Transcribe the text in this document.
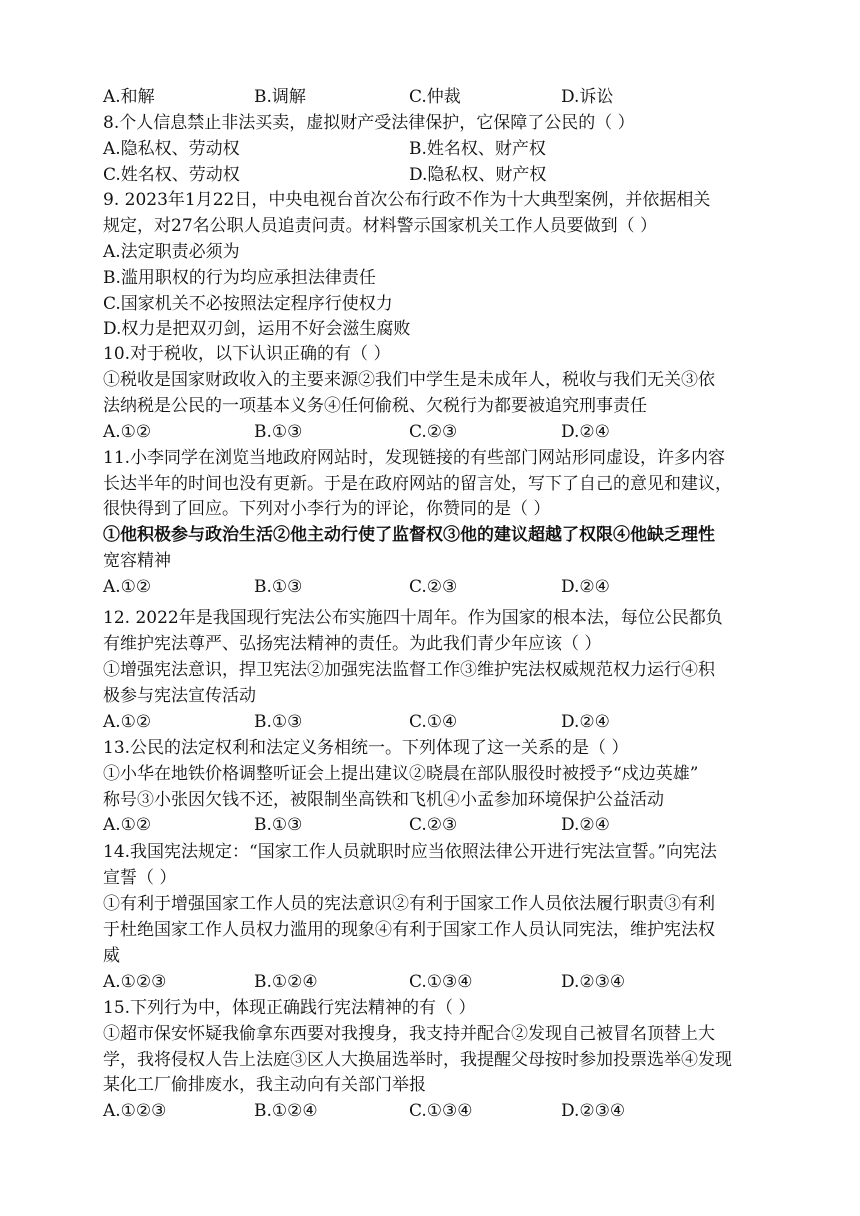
A.和解	B.调解	C.仲裁	D.诉讼
8.个人信息禁止非法买卖，虚拟财产受法律保护，它保障了公民的（ ）
A.隐私权、劳动权	B.姓名权、财产权
C.姓名权、劳动权	D.隐私权、财产权
9. 2023年1月22日，中央电视台首次公布行政不作为十大典型案例，并依据相关
规定，对27名公职人员追责问责。材料警示国家机关工作人员要做到（ ）
A.法定职责必须为
B.滥用职权的行为均应承担法律责任
C.国家机关不必按照法定程序行使权力
D.权力是把双刃剑，运用不好会滋生腐败
10.对于税收，以下认识正确的有（ ）
①税收是国家财政收入的主要来源②我们中学生是未成年人，税收与我们无关③依
法纳税是公民的一项基本义务④任何偷税、欠税行为都要被追究刑事责任
A.①②	B.①③	C.②③	D.②④
11.小李同学在浏览当地政府网站时，发现链接的有些部门网站形同虚设，许多内容
长达半年的时间也没有更新。于是在政府网站的留言处，写下了自己的意见和建议，
很快得到了回应。下列对小李行为的评论，你赞同的是（ ）
①他积极参与政治生活②他主动行使了监督权③他的建议超越了权限④他缺乏理性
宽容精神
A.①②	B.①③	C.②③	D.②④
12. 2022年是我国现行宪法公布实施四十周年。作为国家的根本法，每位公民都负
有维护宪法尊严、弘扬宪法精神的责任。为此我们青少年应该（ ）
①增强宪法意识，捍卫宪法②加强宪法监督工作③维护宪法权威规范权力运行④积
极参与宪法宣传活动
A.①②	B.①③	C.①④	D.②④
13.公民的法定权利和法定义务相统一。下列体现了这一关系的是（ ）
①小华在地铁价格调整听证会上提出建议②晓晨在部队服役时被授予“戍边英雄”
称号③小张因欠钱不还，被限制坐高铁和飞机④小孟参加环境保护公益活动
A.①②	B.①③	C.②③	D.②④
14.我国宪法规定：“国家工作人员就职时应当依照法律公开进行宪法宣誓。”向宪法
宣誓（ ）
①有利于增强国家工作人员的宪法意识②有利于国家工作人员依法履行职责③有利
于杜绝国家工作人员权力滥用的现象④有利于国家工作人员认同宪法，维护宪法权
威
A.①②③	B.①②④	C.①③④	D.②③④
15.下列行为中，体现正确践行宪法精神的有（ ）
①超市保安怀疑我偷拿东西要对我搜身，我支持并配合②发现自己被冒名顶替上大
学，我将侵权人告上法庭③区人大换届选举时，我提醒父母按时参加投票选举④发现
某化工厂偷排废水，我主动向有关部门举报
A.①②③	B.①②④	C.①③④	D.②③④
